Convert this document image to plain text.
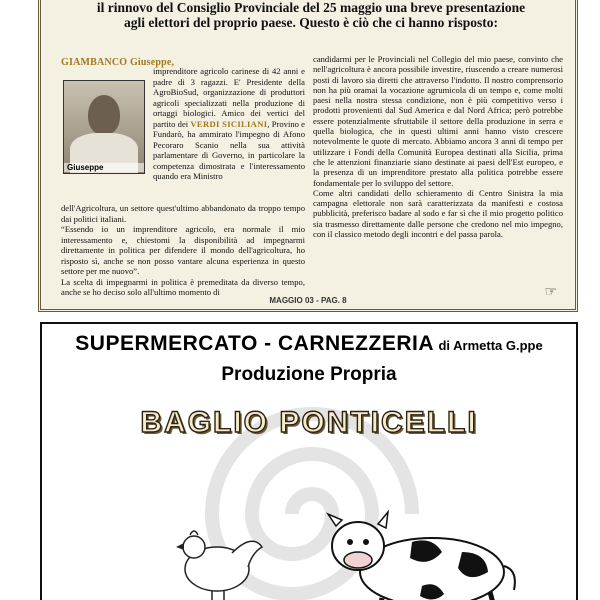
il rinnovo del Consiglio Provinciale del 25 maggio una breve presentazione
agli elettori del proprio paese. Questo è ciò che ci hanno risposto:
GIAMBANCO Giuseppe,
Giuseppe

imprenditore agricolo carinese di 42 anni e padre di 3 ragazzi. E' Presidente della AgroBioSud, organizzazione di produttori agricoli specializzati nella produzione di ortaggi biologici. Amico dei vertici del partito dei VERDI SICILIANI, Provino e Fundarò, ha ammirato l'impegno di Afono Pecoraro Scanio nella sua attività parlamentare di Governo, in particolare la competenza dimostrata e l'interessamento quando era Ministro

dell'Agricoltura, un settore quest'ultimo abbandonato da troppo tempo dai politici italiani.

“Essendo io un imprenditore agricolo, era normale il mio interessamento e, chiestomi la disponibilità ad impegnarmi direttamente in politica per difendere il mondo dell'agricoltura, ho risposto sì, anche se non posso vantare alcuna esperienza in questo settore per me nuovo”.

La scelta di impegnarmi in politica è premeditata da diverso tempo, anche se ho deciso solo all'ultimo momento di

candidarmi per le Provinciali nel Collegio del mio paese, convinto che nell'agricoltura è ancora possibile investire, riuscendo a creare numerosi posti di lavoro sia diretti che attraverso l'indotto. Il nostro comprensorio non ha più oramai la vocazione agrumicola di un tempo e, come molti paesi nella nostra stessa condizione, non è più competitivo verso i prodotti provenienti dal Sud America e dal Nord Africa; però potrebbe essere potenzialmente sfruttabile il settore della produzione in serra e quella biologica, che in questi ultimi anni hanno visto crescere notevolmente le quote di mercato. Abbiamo ancora 3 anni di tempo per utilizzare i Fondi della Comunità Europea destinati alla Sicilia, prima che le attenzioni finanziarie siano destinate ai paesi dell'Est europeo, e la presenza di un imprenditore prestato alla politica potrebbe essere fondamentale per lo sviluppo del settore.

Come altri candidati dello schieramento di Centro Sinistra la mia campagna elettorale non sarà caratterizzata da manifesti e costosa pubblicità, preferisco badare al sodo e far sì che il mio progetto politico sia trasmesso direttamente dalle persone che credono nel mio impegno, con il classico metodo degli incontri e del passa parola.

MAGGIO 03 - PAG. 8
☞
SUPERMERCATO - CARNEZZERIA di Armetta G.ppe
Produzione Propria
BAGLIO PONTICELLI
